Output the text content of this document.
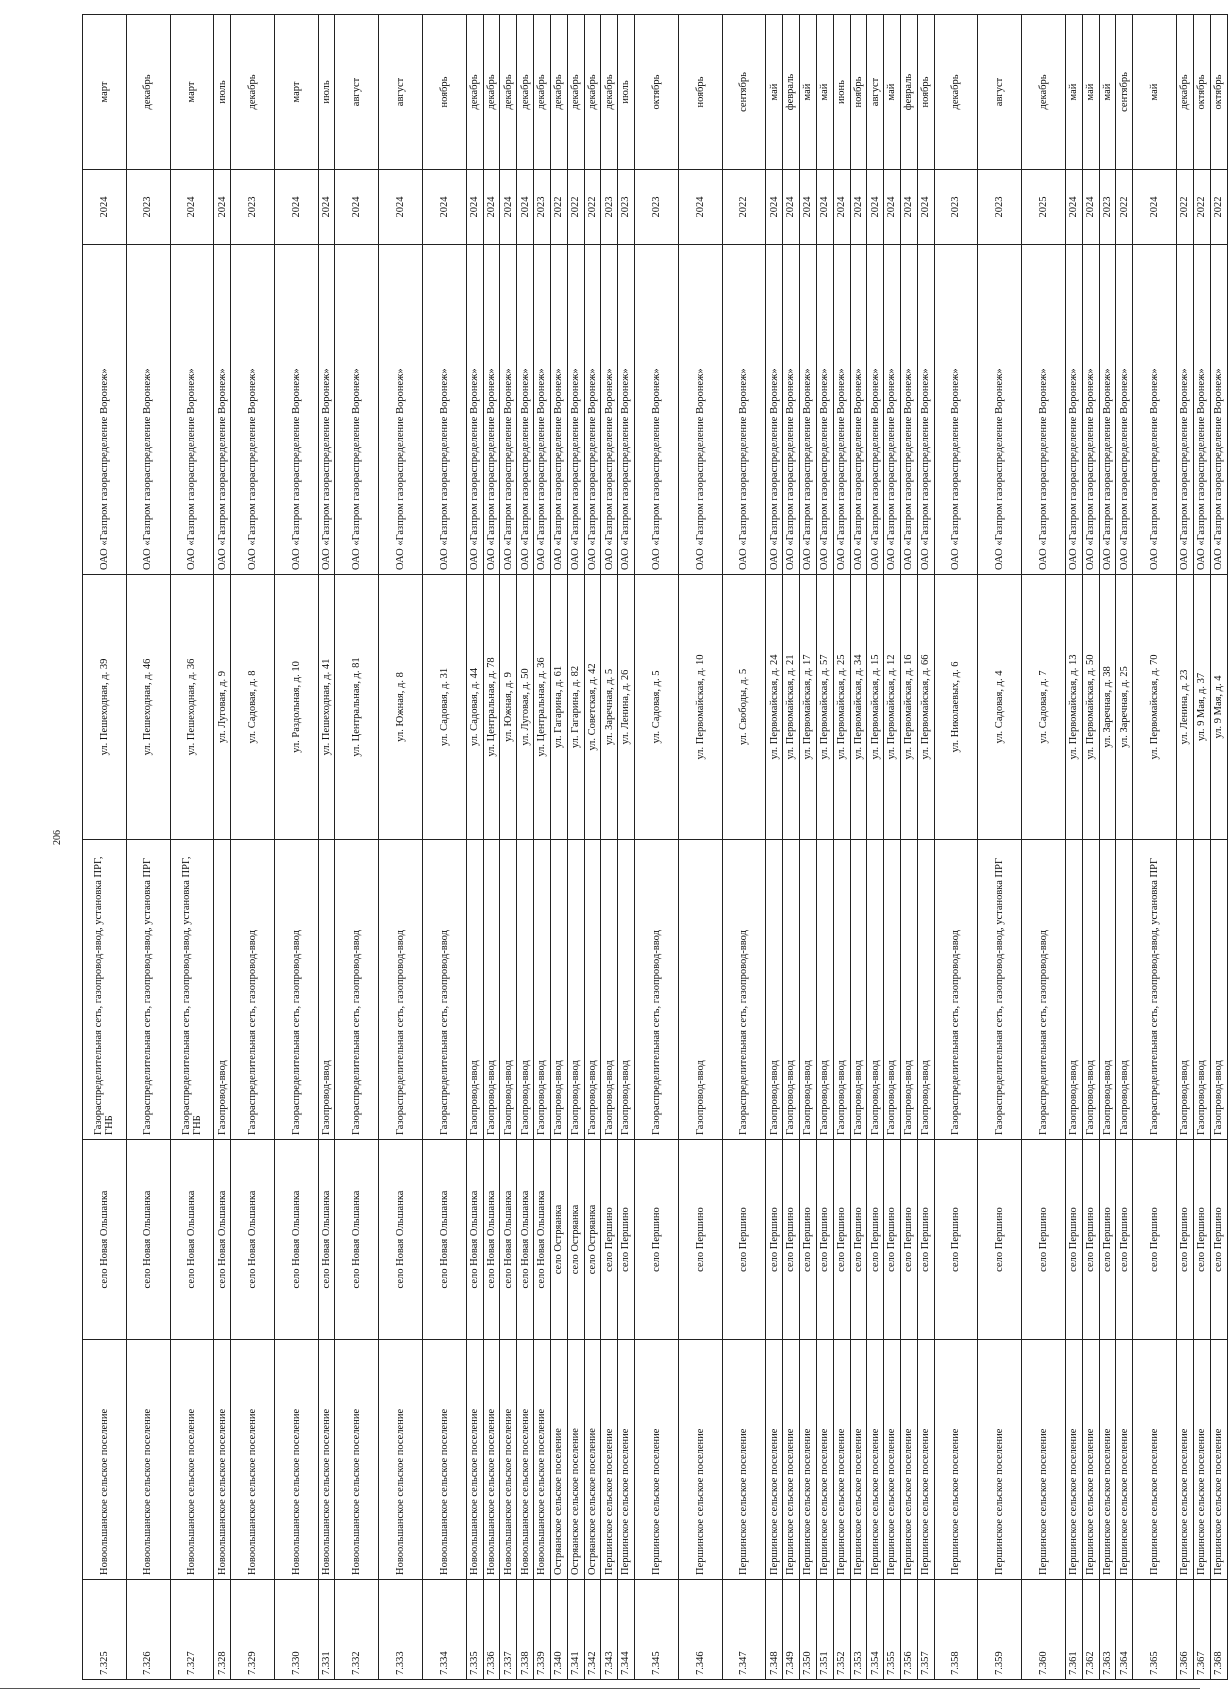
206
7.325	Новоольшанское сельское поселение	село Новая Ольшанка	Газораспределительная сеть, газопровод-ввод, установка ПРГ, ГНБ	ул. Пешеходная, д. 39	ОАО «Газпром газораспределение Воронеж»	2024	март
7.326	Новоольшанское сельское поселение	село Новая Ольшанка	Газораспределительная сеть, газопровод-ввод, установка ПРГ	ул. Пешеходная, д. 46	ОАО «Газпром газораспределение Воронеж»	2023	декабрь
7.327	Новоольшанское сельское поселение	село Новая Ольшанка	Газораспределительная сеть, газопровод-ввод, установка ПРГ, ГНБ	ул. Пешеходная, д. 36	ОАО «Газпром газораспределение Воронеж»	2024	март
7.328	Новоольшанское сельское поселение	село Новая Ольшанка	Газопровод-ввод	ул. Луговая, д. 9	ОАО «Газпром газораспределение Воронеж»	2024	июль
7.329	Новоольшанское сельское поселение	село Новая Ольшанка	Газораспределительная сеть, газопровод-ввод	ул. Садовая, д. 8	ОАО «Газпром газораспределение Воронеж»	2023	декабрь
7.330	Новоольшанское сельское поселение	село Новая Ольшанка	Газораспределительная сеть, газопровод-ввод	ул. Раздольная, д. 10	ОАО «Газпром газораспределение Воронеж»	2024	март
7.331	Новоольшанское сельское поселение	село Новая Ольшанка	Газопровод-ввод	ул. Пешеходная, д. 41	ОАО «Газпром газораспределение Воронеж»	2024	июль
7.332	Новоольшанское сельское поселение	село Новая Ольшанка	Газораспределительная сеть, газопровод-ввод	ул. Центральная, д. 81	ОАО «Газпром газораспределение Воронеж»	2024	август
7.333	Новоольшанское сельское поселение	село Новая Ольшанка	Газораспределительная сеть, газопровод-ввод	ул. Южная, д. 8	ОАО «Газпром газораспределение Воронеж»	2024	август
7.334	Новоольшанское сельское поселение	село Новая Ольшанка	Газораспределительная сеть, газопровод-ввод	ул. Садовая, д. 31	ОАО «Газпром газораспределение Воронеж»	2024	ноябрь
7.335	Новоольшанское сельское поселение	село Новая Ольшанка	Газопровод-ввод	ул. Садовая, д. 44	ОАО «Газпром газораспределение Воронеж»	2024	декабрь
7.336	Новоольшанское сельское поселение	село Новая Ольшанка	Газопровод-ввод	ул. Центральная, д. 78	ОАО «Газпром газораспределение Воронеж»	2024	декабрь
7.337	Новоольшанское сельское поселение	село Новая Ольшанка	Газопровод-ввод	ул. Южная, д. 9	ОАО «Газпром газораспределение Воронеж»	2024	декабрь
7.338	Новоольшанское сельское поселение	село Новая Ольшанка	Газопровод-ввод	ул. Луговая, д. 50	ОАО «Газпром газораспределение Воронеж»	2024	декабрь
7.339	Новоольшанское сельское поселение	село Новая Ольшанка	Газопровод-ввод	ул. Центральная, д. 36	ОАО «Газпром газораспределение Воронеж»	2023	декабрь
7.340	Остряанское сельское поселение	село Остряанка	Газопровод-ввод	ул. Гагарина, д. 61	ОАО «Газпром газораспределение Воронеж»	2022	декабрь
7.341	Остряанское сельское поселение	село Остряанка	Газопровод-ввод	ул. Гагарина, д. 82	ОАО «Газпром газораспределение Воронеж»	2022	декабрь
7.342	Остряанское сельское поселение	село Остряанка	Газопровод-ввод	ул. Советская, д. 42	ОАО «Газпром газораспределение Воронеж»	2022	декабрь
7.343	Першинское сельское поселение	село Першино	Газопровод-ввод	ул. Заречная, д. 5	ОАО «Газпром газораспределение Воронеж»	2023	декабрь
7.344	Першинское сельское поселение	село Першино	Газопровод-ввод	ул. Ленина, д. 26	ОАО «Газпром газораспределение Воронеж»	2023	июль
7.345	Першинское сельское поселение	село Першино	Газораспределительная сеть, газопровод-ввод	ул. Садовая, д. 5	ОАО «Газпром газораспределение Воронеж»	2023	октябрь
7.346	Першинское сельское поселение	село Першино	Газопровод-ввод	ул. Первомайская, д. 10	ОАО «Газпром газораспределение Воронеж»	2024	ноябрь
7.347	Першинское сельское поселение	село Першино	Газораспределительная сеть, газопровод-ввод	ул. Свободы, д. 5	ОАО «Газпром газораспределение Воронеж»	2022	сентябрь
7.348	Першинское сельское поселение	село Першино	Газопровод-ввод	ул. Первомайская, д. 24	ОАО «Газпром газораспределение Воронеж»	2024	май
7.349	Першинское сельское поселение	село Першино	Газопровод-ввод	ул. Первомайская, д. 21	ОАО «Газпром газораспределение Воронеж»	2024	февраль
7.350	Першинское сельское поселение	село Першино	Газопровод-ввод	ул. Первомайская, д. 17	ОАО «Газпром газораспределение Воронеж»	2024	май
7.351	Першинское сельское поселение	село Першино	Газопровод-ввод	ул. Первомайская, д. 57	ОАО «Газпром газораспределение Воронеж»	2024	май
7.352	Першинское сельское поселение	село Першино	Газопровод-ввод	ул. Первомайская, д. 25	ОАО «Газпром газораспределение Воронеж»	2024	июнь
7.353	Першинское сельское поселение	село Першино	Газопровод-ввод	ул. Первомайская, д. 34	ОАО «Газпром газораспределение Воронеж»	2024	ноябрь
7.354	Першинское сельское поселение	село Першино	Газопровод-ввод	ул. Первомайская, д. 15	ОАО «Газпром газораспределение Воронеж»	2024	август
7.355	Першинское сельское поселение	село Першино	Газопровод-ввод	ул. Первомайская, д. 12	ОАО «Газпром газораспределение Воронеж»	2024	май
7.356	Першинское сельское поселение	село Першино	Газопровод-ввод	ул. Первомайская, д. 16	ОАО «Газпром газораспределение Воронеж»	2024	февраль
7.357	Першинское сельское поселение	село Першино	Газопровод-ввод	ул. Первомайская, д. 66	ОАО «Газпром газораспределение Воронеж»	2024	ноябрь
7.358	Першинское сельское поселение	село Першино	Газораспределительная сеть, газопровод-ввод	ул. Николаевых, д. 6	ОАО «Газпром газораспределение Воронеж»	2023	декабрь
7.359	Першинское сельское поселение	село Першино	Газораспределительная сеть, газопровод-ввод, установка ПРГ	ул. Садовая, д. 4	ОАО «Газпром газораспределение Воронеж»	2023	август
7.360	Першинское сельское поселение	село Першино	Газораспределительная сеть, газопровод-ввод	ул. Садовая, д. 7	ОАО «Газпром газораспределение Воронеж»	2025	декабрь
7.361	Першинское сельское поселение	село Першино	Газопровод-ввод	ул. Первомайская, д. 13	ОАО «Газпром газораспределение Воронеж»	2024	май
7.362	Першинское сельское поселение	село Першино	Газопровод-ввод	ул. Первомайская, д. 50	ОАО «Газпром газораспределение Воронеж»	2024	май
7.363	Першинское сельское поселение	село Першино	Газопровод-ввод	ул. Заречная, д. 38	ОАО «Газпром газораспределение Воронеж»	2023	май
7.364	Першинское сельское поселение	село Першино	Газопровод-ввод	ул. Заречная, д. 25	ОАО «Газпром газораспределение Воронеж»	2022	сентябрь
7.365	Першинское сельское поселение	село Першино	Газораспределительная сеть, газопровод-ввод, установка ПРГ	ул. Первомайская, д. 70	ОАО «Газпром газораспределение Воронеж»	2024	май
7.366	Першинское сельское поселение	село Першино	Газопровод-ввод	ул. Ленина, д. 23	ОАО «Газпром газораспределение Воронеж»	2022	декабрь
7.367	Першинское сельское поселение	село Першино	Газопровод-ввод	ул. 9 Мая, д. 37	ОАО «Газпром газораспределение Воронеж»	2022	октябрь
7.368	Першинское сельское поселение	село Першино	Газопровод-ввод	ул. 9 Мая, д. 4	ОАО «Газпром газораспределение Воронеж»	2022	октябрь
